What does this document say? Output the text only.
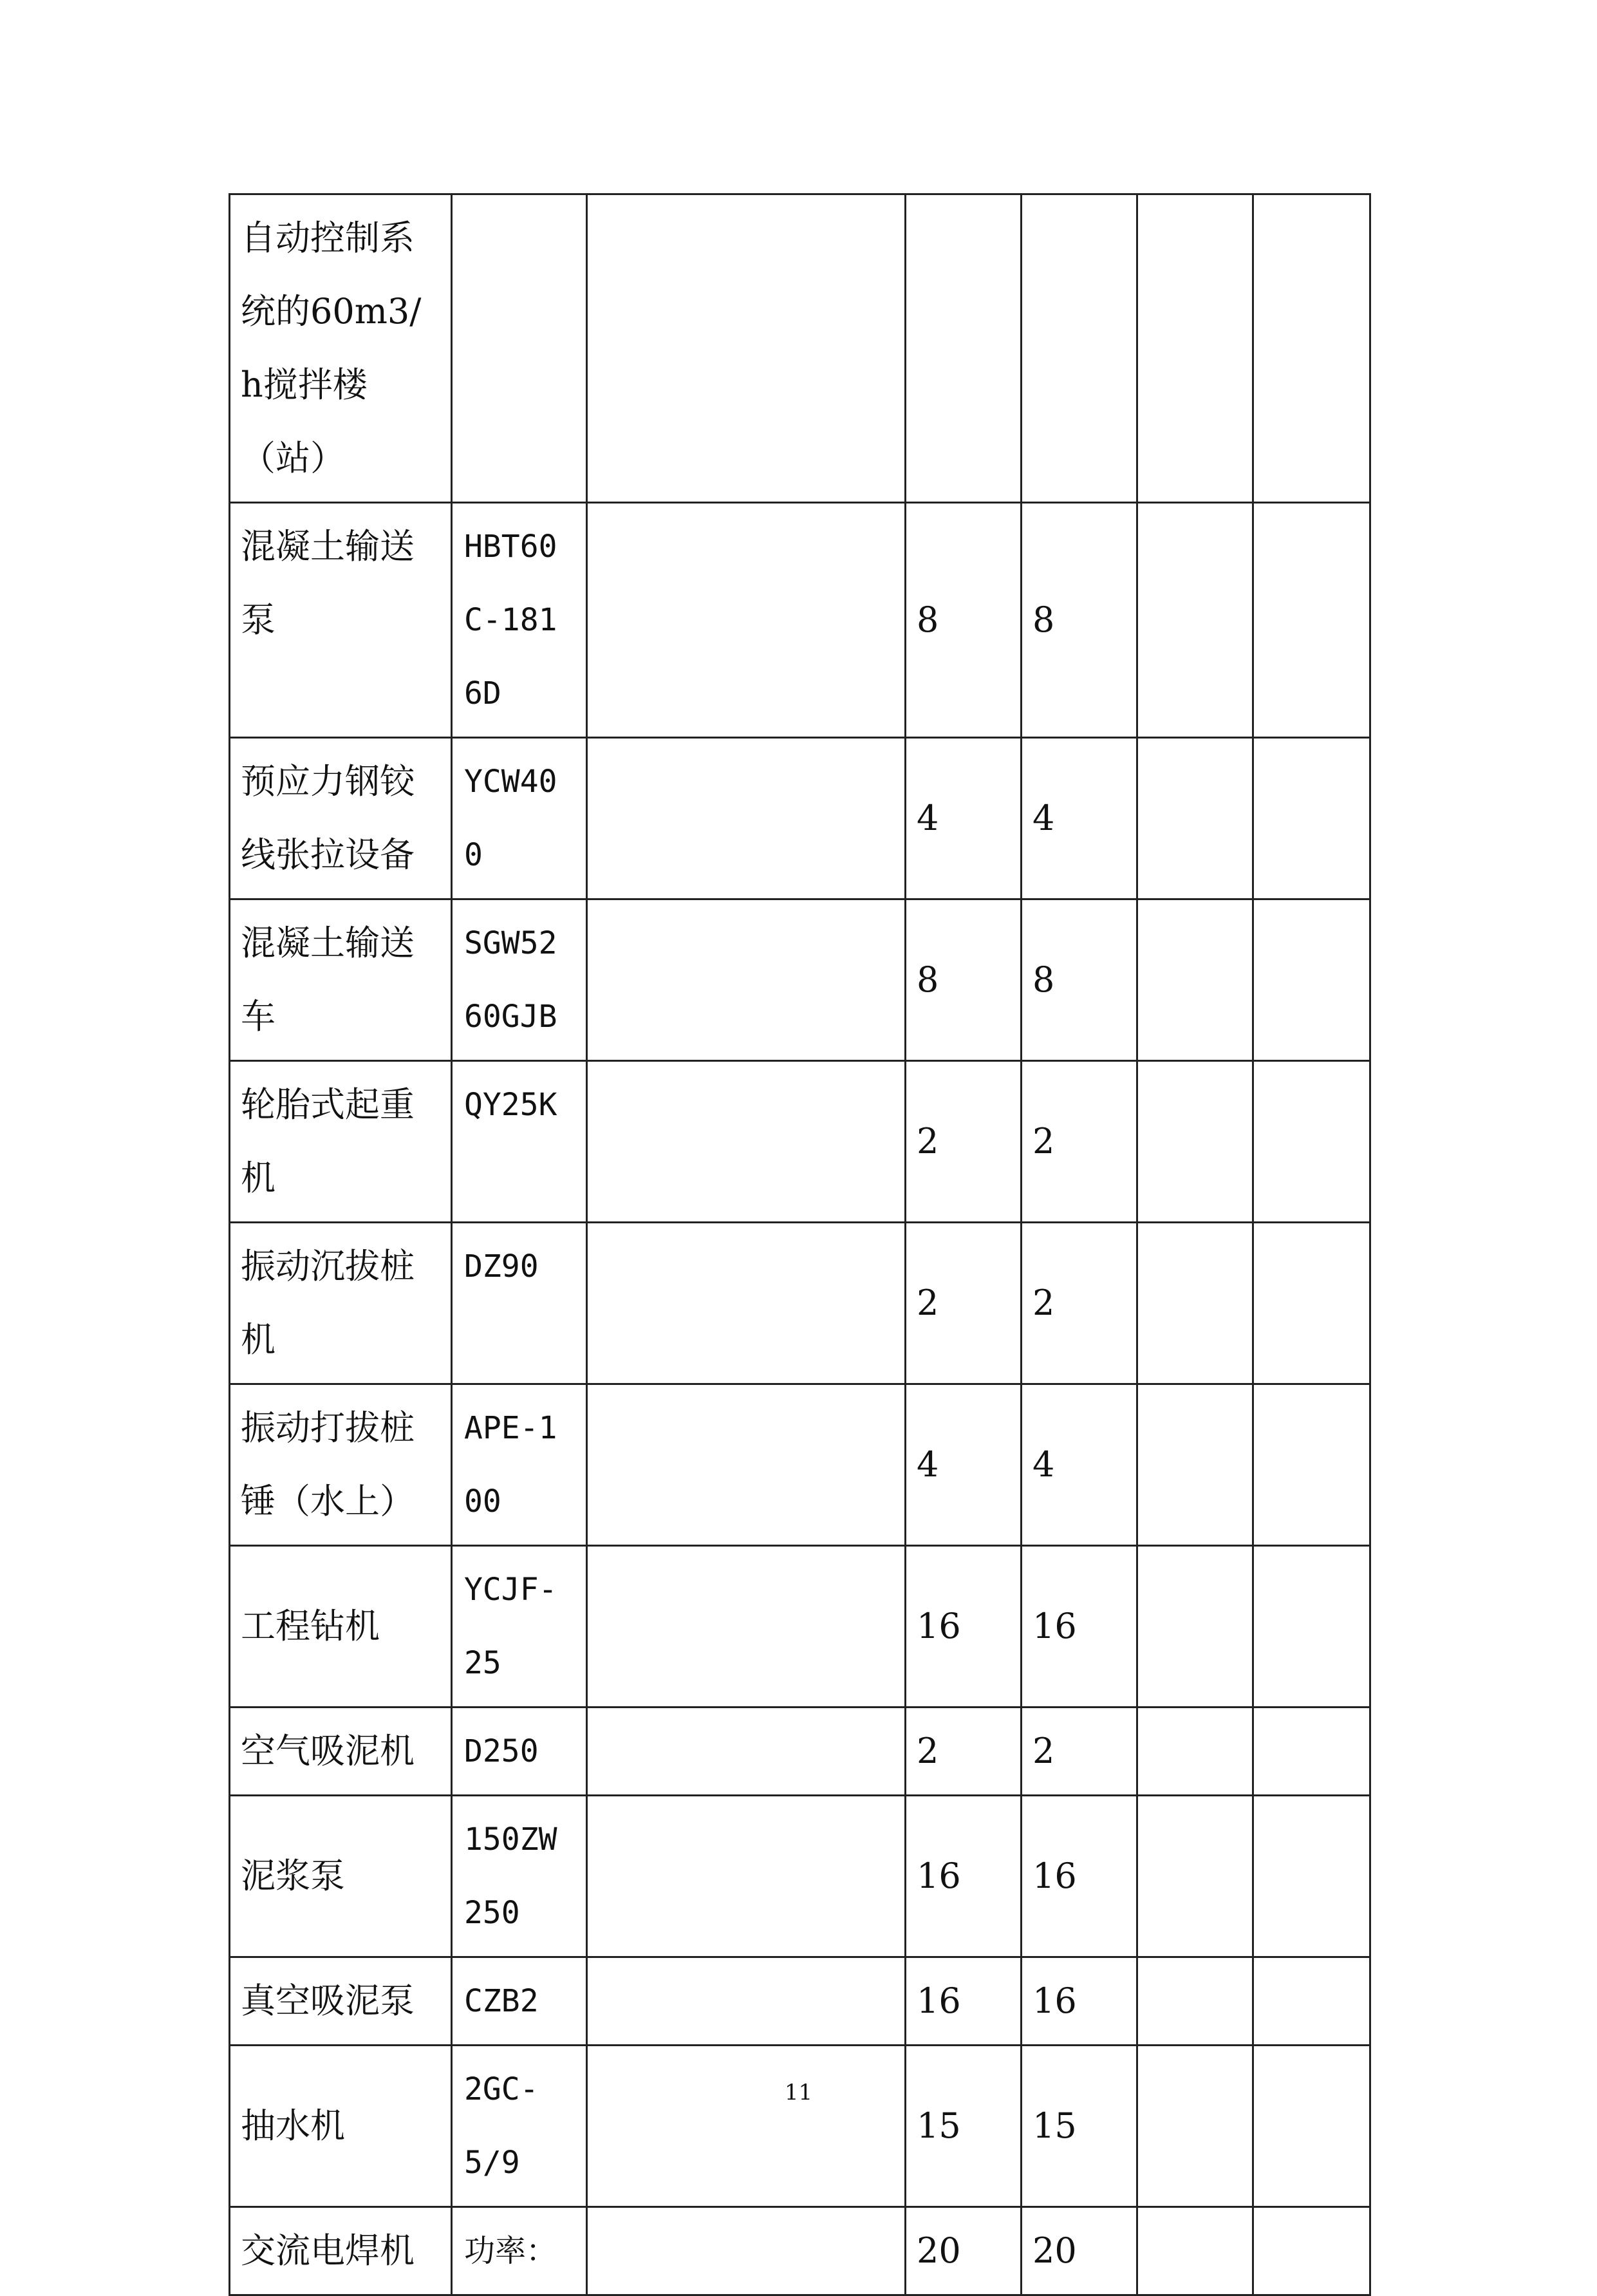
自动控制系统的60m3/h搅拌楼（站）						
混凝土输送泵	HBT60C-1816D		8	8		
预应力钢铰线张拉设备	YCW400		4	4		
混凝土输送车	SGW5260GJB		8	8		
轮胎式起重机	QY25K		2	2		
振动沉拔桩机	DZ90		2	2		
振动打拔桩锤（水上）	APE-100		4	4		
工程钻机	YCJF-25		16	16		
空气吸泥机	D250		2	2		
泥浆泵	150ZW250		16	16		
真空吸泥泵	CZB2		16	16		
抽水机	2GC-5/9		15	15		
交流电焊机	功率：		20	20		
11
